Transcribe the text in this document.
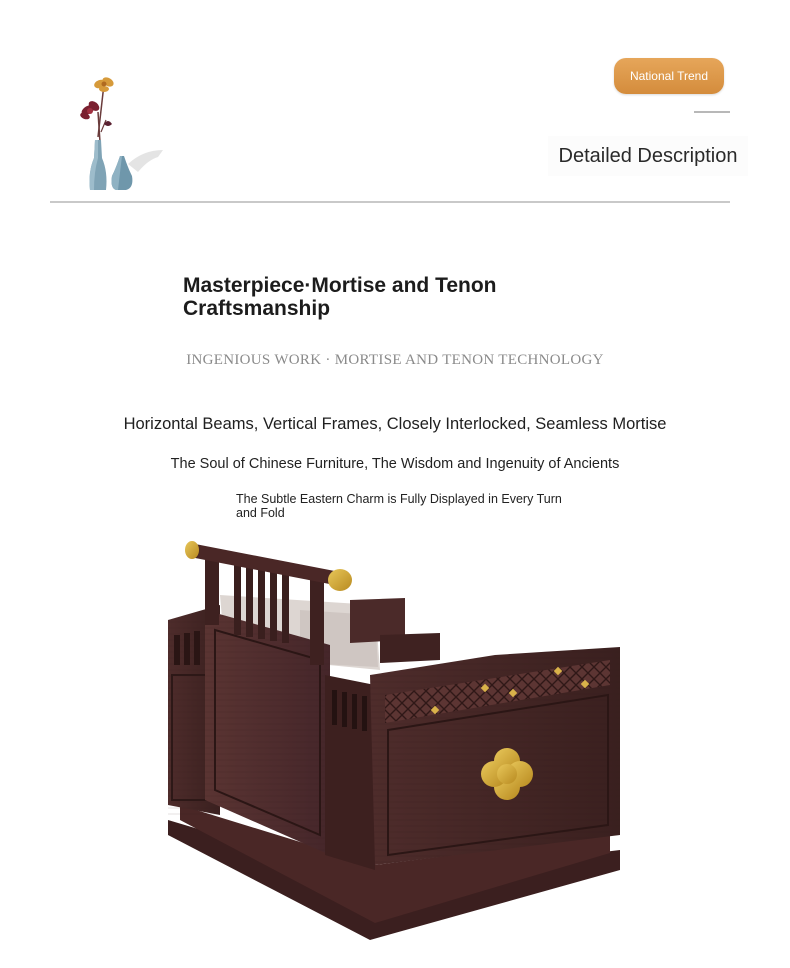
National Trend
Detailed Description
Masterpiece·Mortise and Tenon Craftsmanship
INGENIOUS WORK · MORTISE AND TENON TECHNOLOGY
Horizontal Beams, Vertical Frames, Closely Interlocked, Seamless Mortise
The Soul of Chinese Furniture, The Wisdom and Ingenuity of Ancients
The Subtle Eastern Charm is Fully Displayed in Every Turn and Fold
